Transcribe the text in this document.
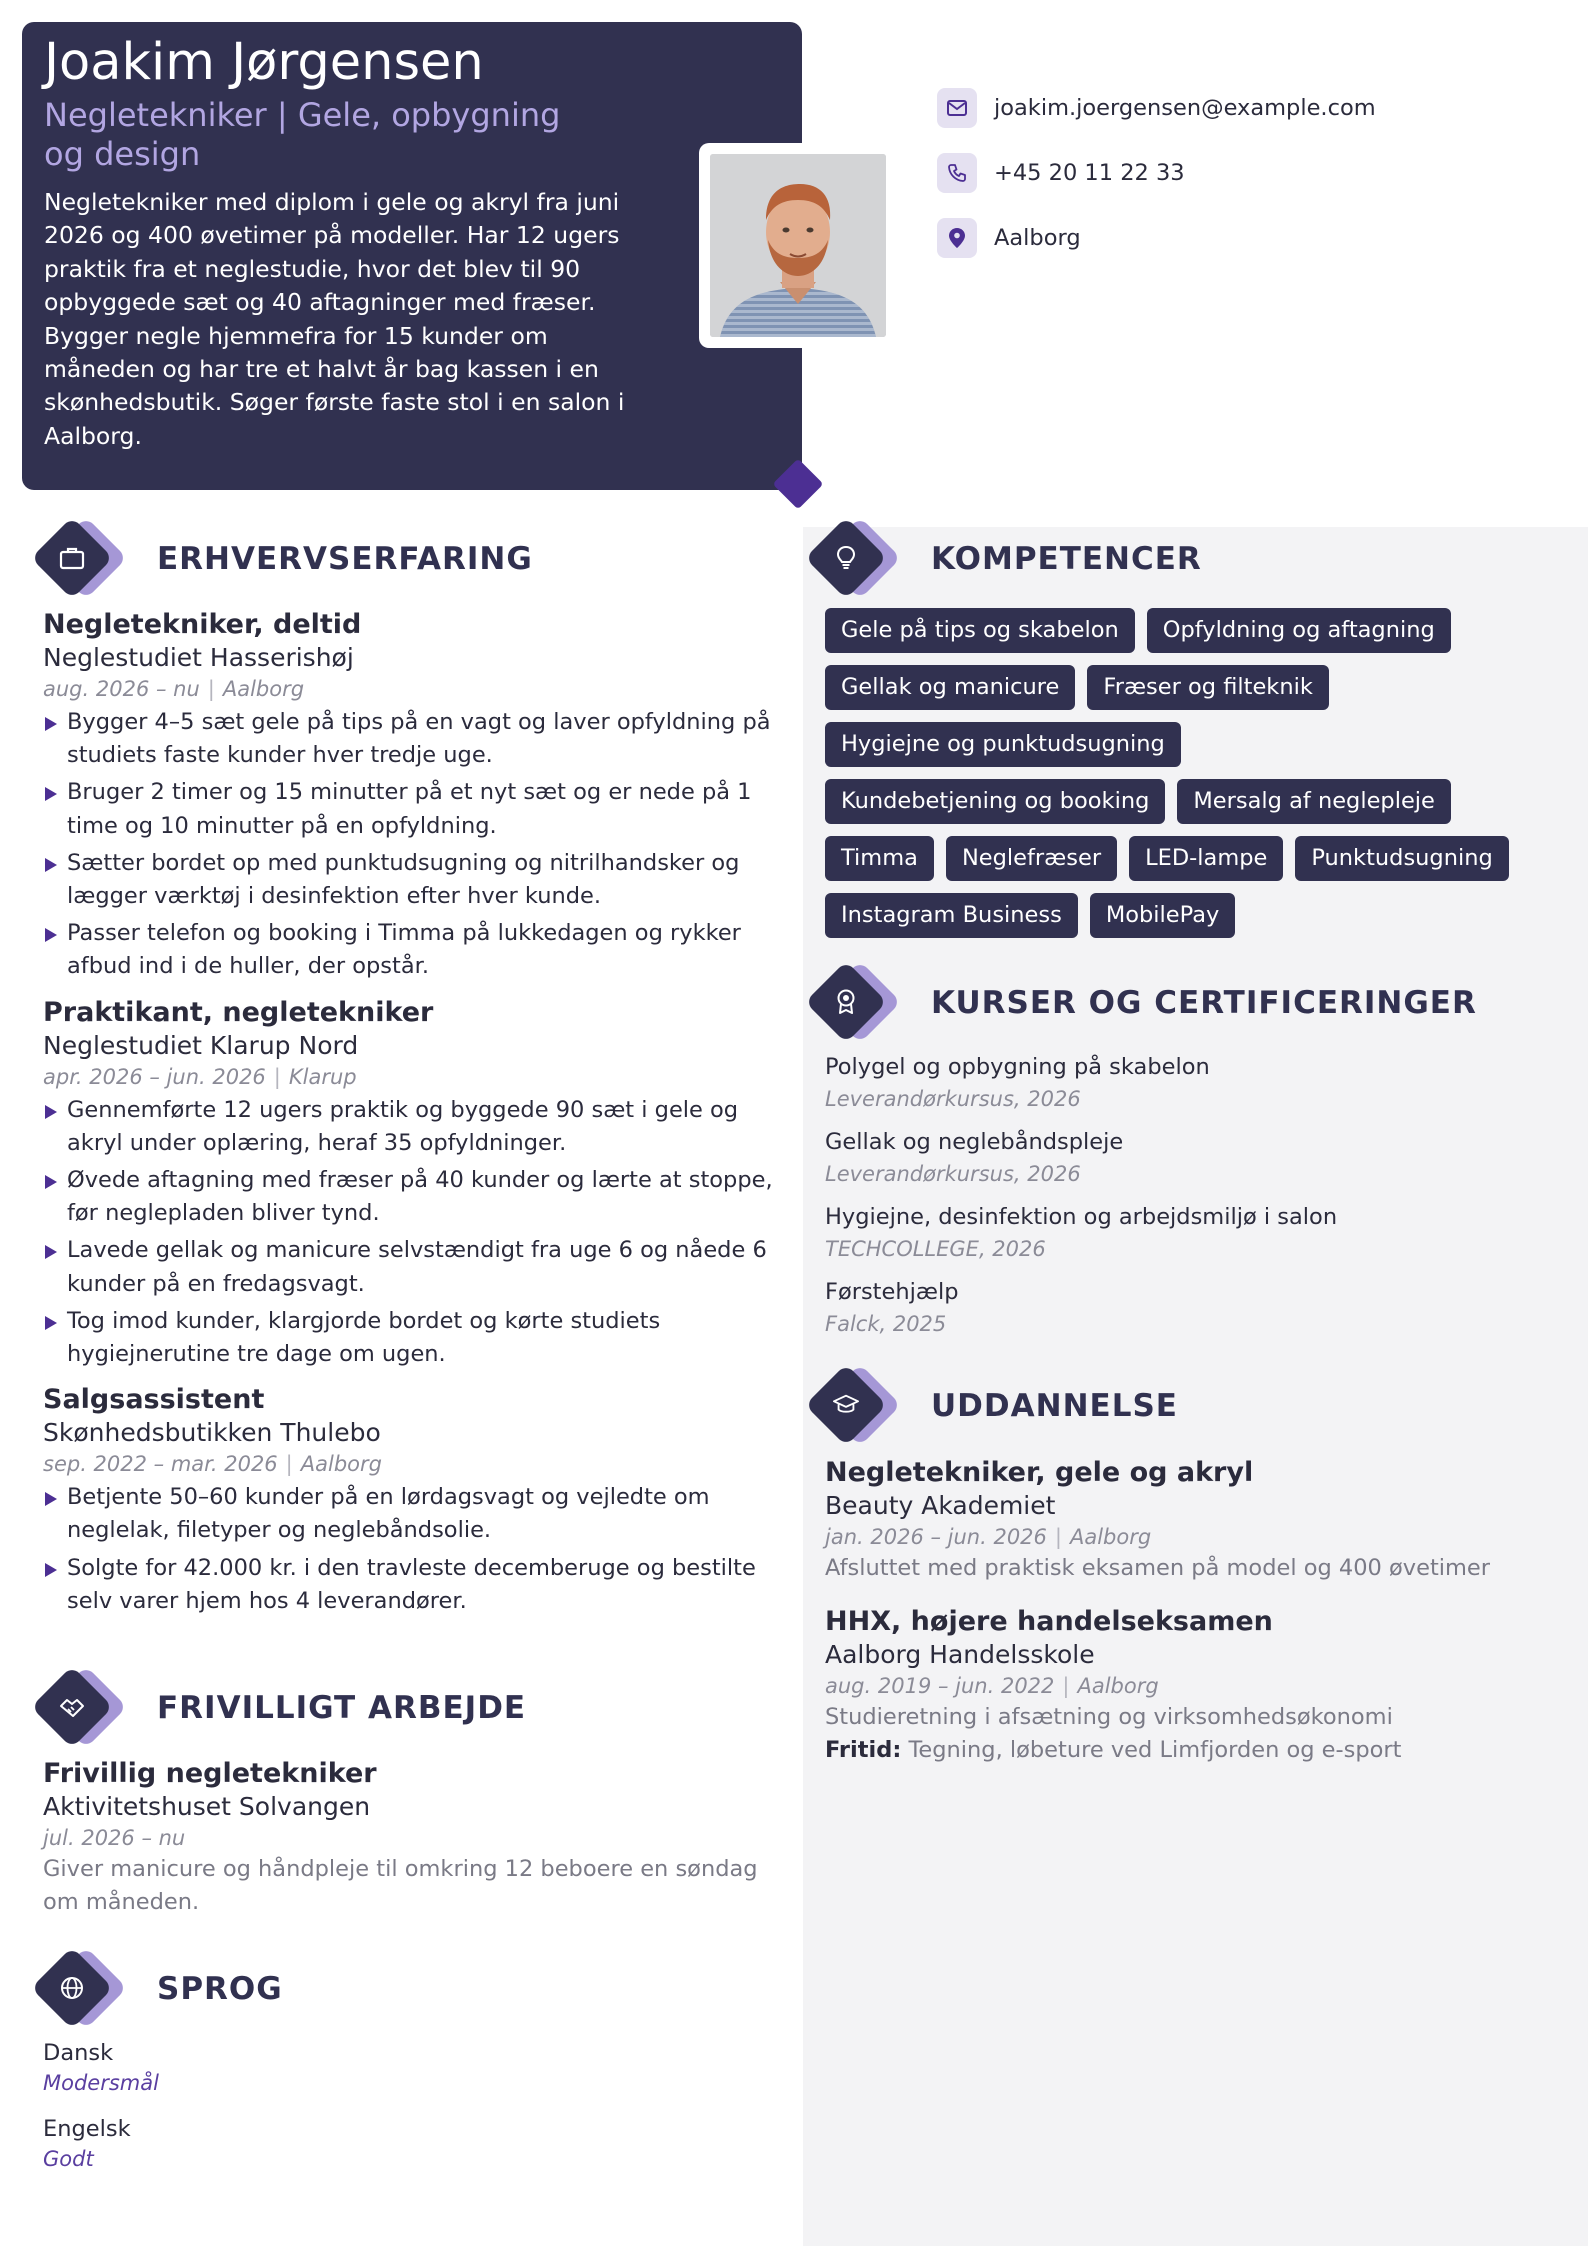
Joakim Jørgensen
Negletekniker | Gele, opbygning og design
Negletekniker med diplom i gele og akryl fra juni 2026 og 400 øvetimer på modeller. Har 12 ugers praktik fra et neglestudie, hvor det blev til 90 opbyggede sæt og 40 aftagninger med fræser. Bygger negle hjemmefra for 15 kunder om måneden og har tre et halvt år bag kassen i en skønhedsbutik. Søger første faste stol i en salon i Aalborg.
joakim.joergensen@example.com
+45 20 11 22 33
Aalborg
ERHVERVSERFARING
Negletekniker, deltid
Neglestudiet Hasserishøj
aug. 2026 – nu | Aalborg
Bygger 4–5 sæt gele på tips på en vagt og laver opfyldning på studiets faste kunder hver tredje uge.
Bruger 2 timer og 15 minutter på et nyt sæt og er nede på 1 time og 10 minutter på en opfyldning.
Sætter bordet op med punktudsugning og nitrilhandsker og lægger værktøj i desinfektion efter hver kunde.
Passer telefon og booking i Timma på lukkedagen og rykker afbud ind i de huller, der opstår.
Praktikant, negletekniker
Neglestudiet Klarup Nord
apr. 2026 – jun. 2026 | Klarup
Gennemførte 12 ugers praktik og byggede 90 sæt i gele og akryl under oplæring, heraf 35 opfyldninger.
Øvede aftagning med fræser på 40 kunder og lærte at stoppe, før neglepladen bliver tynd.
Lavede gellak og manicure selvstændigt fra uge 6 og nåede 6 kunder på en fredagsvagt.
Tog imod kunder, klargjorde bordet og kørte studiets hygiejnerutine tre dage om ugen.
Salgsassistent
Skønhedsbutikken Thulebo
sep. 2022 – mar. 2026 | Aalborg
Betjente 50–60 kunder på en lørdagsvagt og vejledte om neglelak, filetyper og neglebåndsolie.
Solgte for 42.000 kr. i den travleste decemberuge og bestilte selv varer hjem hos 4 leverandører.
FRIVILLIGT ARBEJDE
Frivillig negletekniker
Aktivitetshuset Solvangen
jul. 2026 – nu
Giver manicure og håndpleje til omkring 12 beboere en søndag om måneden.
SPROG
Dansk
Modersmål
Engelsk
Godt
KOMPETENCER
Gele på tips og skabelon	Opfyldning og aftagning
Gellak og manicure	Fræser og filteknik
Hygiejne og punktudsugning
Kundebetjening og booking	Mersalg af neglepleje
Timma	Neglefræser	LED-lampe	Punktudsugning
Instagram Business	MobilePay
KURSER OG CERTIFICERINGER
Polygel og opbygning på skabelon
Leverandørkursus, 2026
Gellak og neglebåndspleje
Leverandørkursus, 2026
Hygiejne, desinfektion og arbejdsmiljø i salon
TECHCOLLEGE, 2026
Førstehjælp
Falck, 2025
UDDANNELSE
Negletekniker, gele og akryl
Beauty Akademiet
jan. 2026 – jun. 2026 | Aalborg
Afsluttet med praktisk eksamen på model og 400 øvetimer
HHX, højere handelseksamen
Aalborg Handelsskole
aug. 2019 – jun. 2022 | Aalborg
Studieretning i afsætning og virksomhedsøkonomi
Fritid: Tegning, løbeture ved Limfjorden og e-sport
